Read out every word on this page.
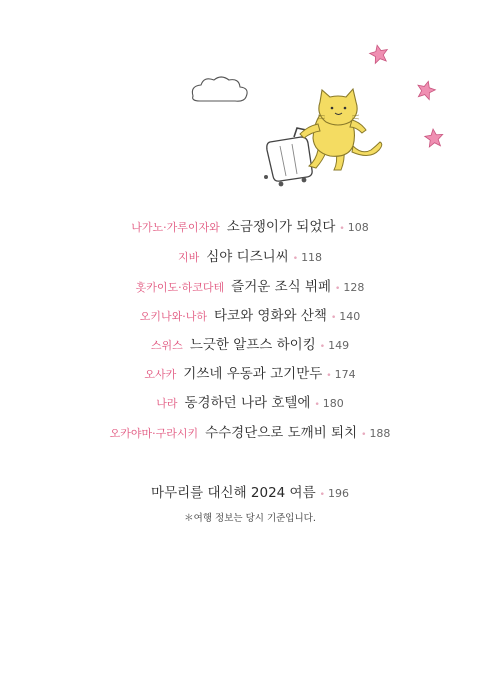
나가노·가루이자와 소금쟁이가 되었다 • 108
지바 심야 디즈니씨 • 118
홋카이도·하코다테 즐거운 조식 뷔페 • 128
오키나와·나하 타코와 영화와 산책 • 140
스위스 느긋한 알프스 하이킹 • 149
오사카 기쓰네 우동과 고기만두 • 174
나라 동경하던 나라 호텔에 • 180
오카야마·구라시키 수수경단으로 도깨비 퇴치 • 188
마무리를 대신해 2024 여름 • 196
＊여행 정보는 당시 기준입니다.
